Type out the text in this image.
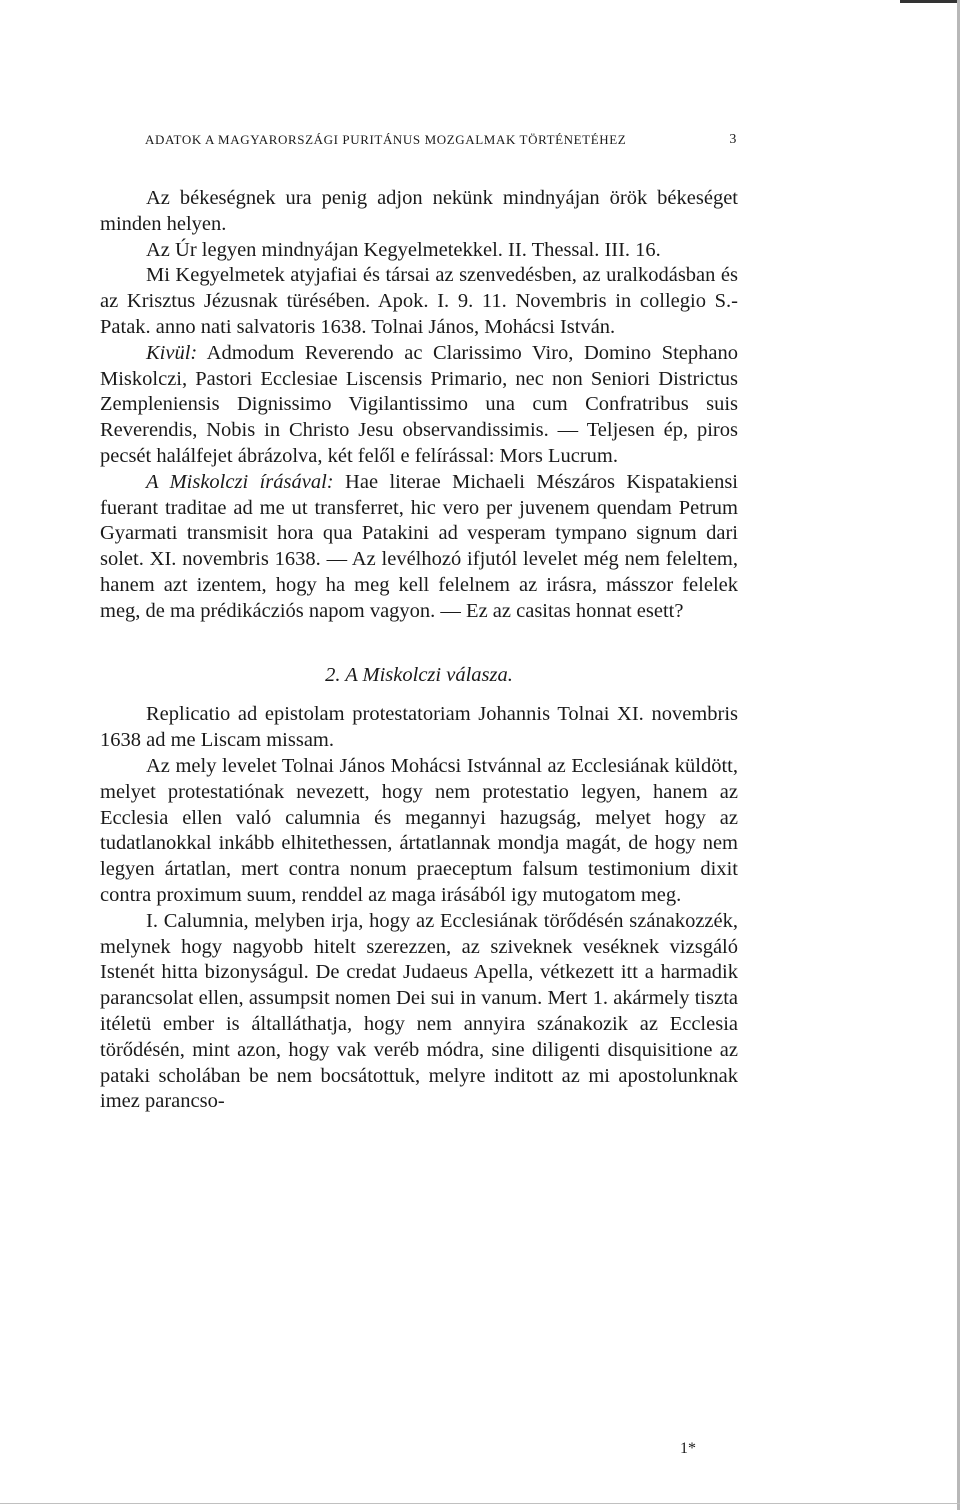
ADATOK A MAGYARORSZÁGI PURITÁNUS MOZGALMAK TÖRTÉNETÉHEZ	3

Az békeségnek ura penig adjon nekünk mindnyájan örök békeséget minden helyen.

Az Úr legyen mindnyájan Kegyelmetekkel. II. Thessal. III. 16.

Mi Kegyelmetek atyjafiai és társai az szenvedésben, az uralkodásban és az Krisztus Jézusnak türésében. Apok. I. 9. 11. Novembris in collegio S.-Patak. anno nati salvatoris 1638. Tolnai János, Mohácsi István.

Kivül: Admodum Reverendo ac Clarissimo Viro, Domino Stephano Miskolczi, Pastori Ecclesiae Liscensis Primario, nec non Seniori Districtus Zempleniensis Dignissimo Vigilantissimo una cum Confratribus suis Reverendis, Nobis in Christo Jesu observandissimis. — Teljesen ép, piros pecsét halálfejet ábrázolva, két felől e felírással: Mors Lucrum.

A Miskolczi írásával: Hae literae Michaeli Mészáros Kispatakiensi fuerant traditae ad me ut transferret, hic vero per juvenem quendam Petrum Gyarmati transmisit hora qua Patakini ad vesperam tympano signum dari solet. XI. novembris 1638. — Az levélhozó ifjutól levelet még nem feleltem, hanem azt izentem, hogy ha meg kell felelnem az irásra, másszor felelek meg, de ma prédikácziós napom vagyon. — Ez az casitas honnat esett?

2. A Miskolczi válasza.

Replicatio ad epistolam protestatoriam Johannis Tolnai XI. novembris 1638 ad me Liscam missam.

Az mely levelet Tolnai János Mohácsi Istvánnal az Ecclesiának küldött, melyet protestatiónak nevezett, hogy nem protestatio legyen, hanem az Ecclesia ellen való calumnia és megannyi hazugság, melyet hogy az tudatlanokkal inkább elhitethessen, ártatlannak mondja magát, de hogy nem legyen ártatlan, mert contra nonum praeceptum falsum testimonium dixit contra proximum suum, renddel az maga irásából igy mutogatom meg.

I. Calumnia, melyben irja, hogy az Ecclesiának törődésén szánakozzék, melynek hogy nagyobb hitelt szerezzen, az sziveknek veséknek vizsgáló Istenét hitta bizonyságul. De credat Judaeus Apella, vétkezett itt a harmadik parancsolat ellen, assumpsit nomen Dei sui in vanum. Mert 1. akármely tiszta itéletü ember is általláthatja, hogy nem annyira szánakozik az Ecclesia törődésén, mint azon, hogy vak veréb módra, sine diligenti disquisitione az pataki scholában be nem bocsátottuk, melyre inditott az mi apostolunknak imez parancso-

1*
